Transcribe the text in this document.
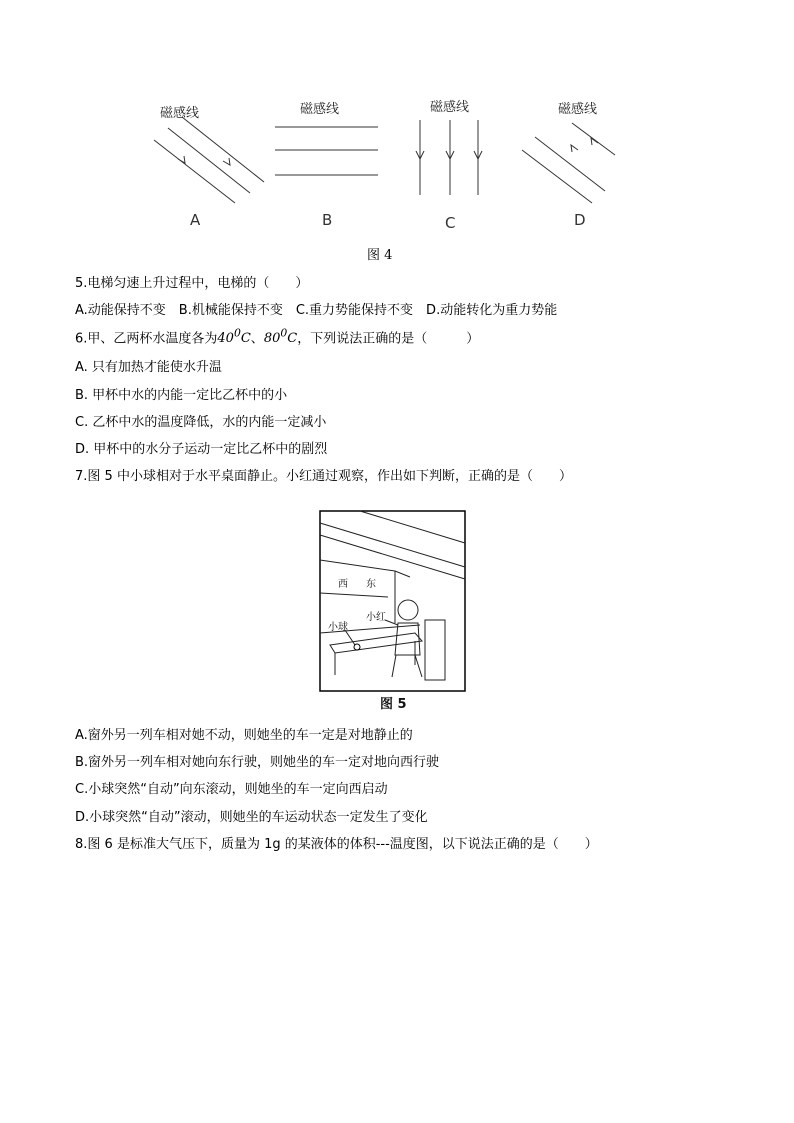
磁感线	磁感线	磁感线	磁感线
A	B	C	D
图 4
5.电梯匀速上升过程中，电梯的（　　）
A.动能保持不变　B.机械能保持不变　C.重力势能保持不变　D.动能转化为重力势能
6.甲、乙两杯水温度各为$40^0C$、$80^0C$，下列说法正确的是（　　　）
A. 只有加热才能使水升温
B. 甲杯中水的内能一定比乙杯中的小
C. 乙杯中水的温度降低，水的内能一定减小
D. 甲杯中的水分子运动一定比乙杯中的剧烈
7.图 5 中小球相对于水平桌面静止。小红通过观察，作出如下判断，正确的是（　　）
西 东
小球
小红
图 5
A.窗外另一列车相对她不动，则她坐的车一定是对地静止的
B.窗外另一列车相对她向东行驶，则她坐的车一定对地向西行驶
C.小球突然“自动”向东滚动，则她坐的车一定向西启动
D.小球突然“自动”滚动，则她坐的车运动状态一定发生了变化
8.图 6 是标准大气压下，质量为 1g 的某液体的体积---温度图，以下说法正确的是（　　）
